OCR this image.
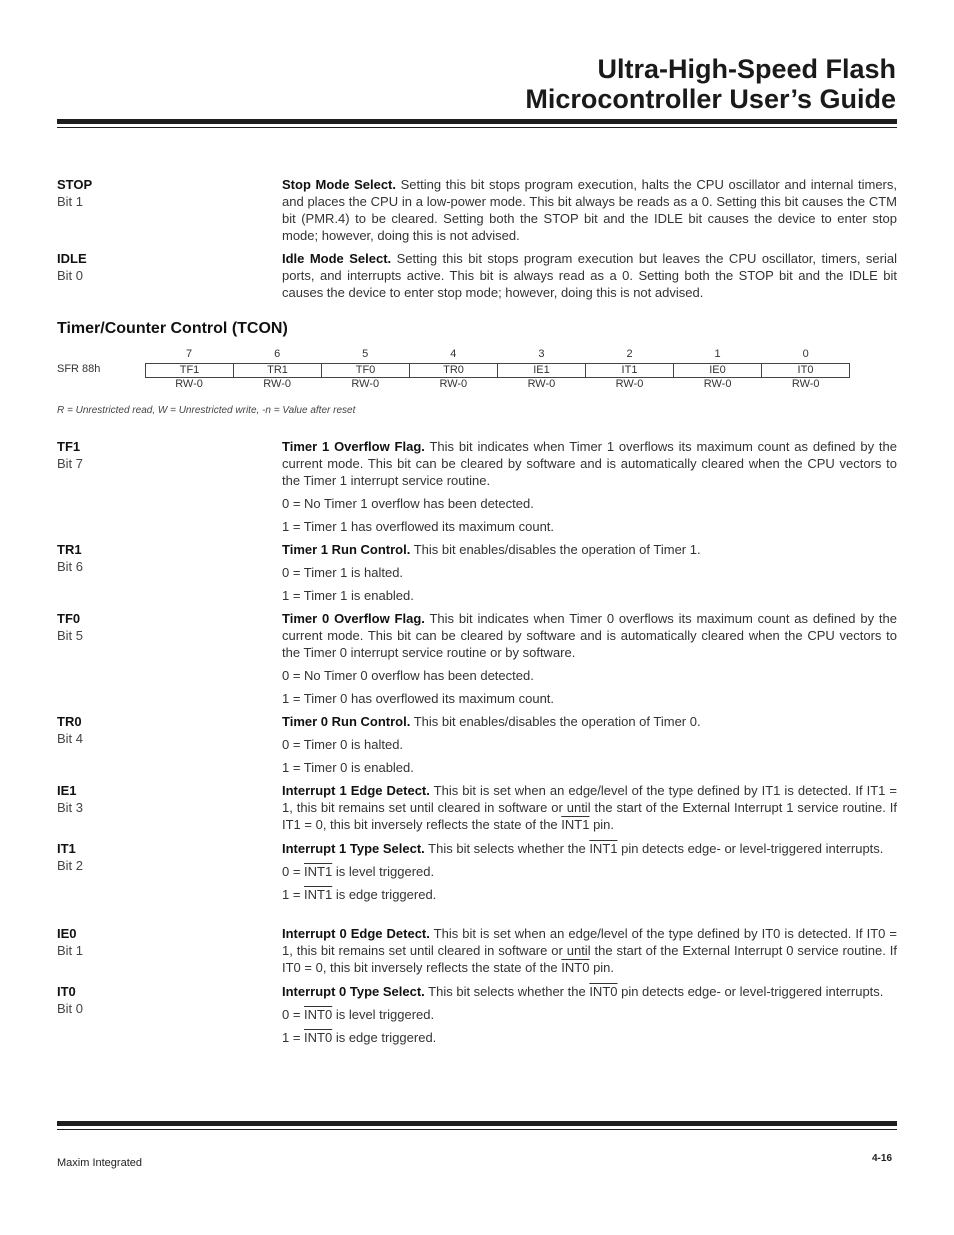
Ultra-High-Speed Flash
Microcontroller User’s Guide
STOP
Bit 1

Stop Mode Select. Setting this bit stops program execution, halts the CPU oscillator and internal timers, and places the CPU in a low-power mode. This bit always be reads as a 0. Setting this bit causes the CTM bit (PMR.4) to be cleared. Setting both the STOP bit and the IDLE bit causes the device to enter stop mode; however, doing this is not advised.

IDLE
Bit 0

Idle Mode Select. Setting this bit stops program execution but leaves the CPU oscillator, timers, serial ports, and interrupts active. This bit is always read as a 0. Setting both the STOP bit and the IDLE bit causes the device to enter stop mode; however, doing this is not advised.

Timer/Counter Control (TCON)
7	6	5	4	3	2	1	0
SFR 88h	TF1	TR1	TF0	TR0	IE1	IT1	IE0	IT0
RW-0	RW-0	RW-0	RW-0	RW-0	RW-0	RW-0	RW-0
R = Unrestricted read, W = Unrestricted write, -n = Value after reset
TF1
Bit 7

Timer 1 Overflow Flag. This bit indicates when Timer 1 overflows its maximum count as defined by the current mode. This bit can be cleared by software and is automatically cleared when the CPU vectors to the Timer 1 interrupt service routine.

0 = No Timer 1 overflow has been detected.

1 = Timer 1 has overflowed its maximum count.

TR1
Bit 6

Timer 1 Run Control. This bit enables/disables the operation of Timer 1.

0 = Timer 1 is halted.

1 = Timer 1 is enabled.

TF0
Bit 5

Timer 0 Overflow Flag. This bit indicates when Timer 0 overflows its maximum count as defined by the current mode. This bit can be cleared by software and is automatically cleared when the CPU vectors to the Timer 0 interrupt service routine or by software.

0 = No Timer 0 overflow has been detected.

1 = Timer 0 has overflowed its maximum count.

TR0
Bit 4

Timer 0 Run Control. This bit enables/disables the operation of Timer 0.

0 = Timer 0 is halted.

1 = Timer 0 is enabled.

IE1
Bit 3

Interrupt 1 Edge Detect. This bit is set when an edge/level of the type defined by IT1 is detected. If IT1 = 1, this bit remains set until cleared in software or until the start of the External Interrupt 1 service routine. If IT1 = 0, this bit inversely reflects the state of the INT1 pin.

IT1
Bit 2

Interrupt 1 Type Select. This bit selects whether the INT1 pin detects edge- or level-triggered interrupts.

0 = INT1 is level triggered.

1 = INT1 is edge triggered.

IE0
Bit 1

Interrupt 0 Edge Detect. This bit is set when an edge/level of the type defined by IT0 is detected. If IT0 = 1, this bit remains set until cleared in software or until the start of the External Interrupt 0 service routine. If IT0 = 0, this bit inversely reflects the state of the INT0 pin.

IT0
Bit 0

Interrupt 0 Type Select. This bit selects whether the INT0 pin detects edge- or level-triggered interrupts.

0 = INT0 is level triggered.

1 = INT0 is edge triggered.

Maxim Integrated	4-16
